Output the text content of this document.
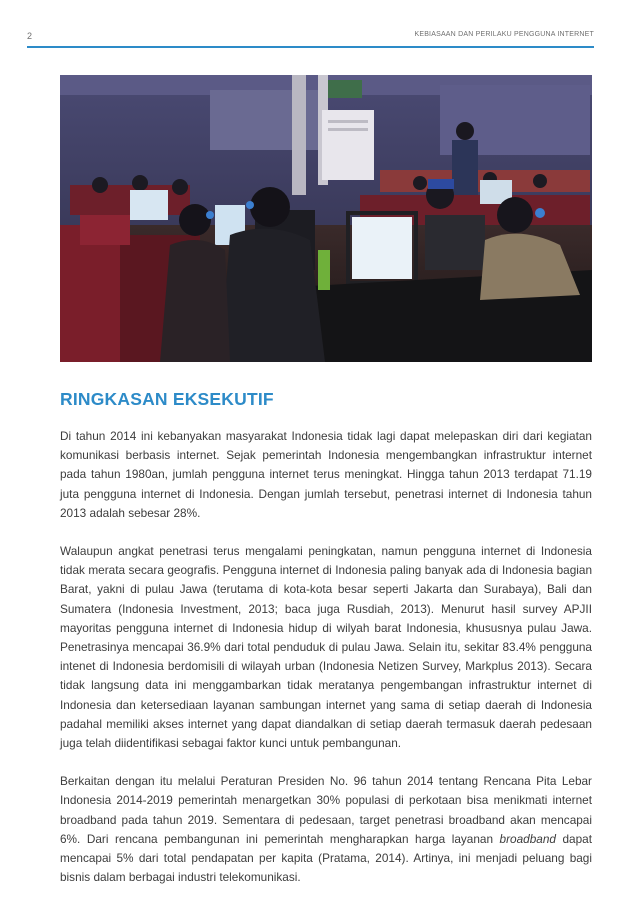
2	KEBIASAAN DAN PERILAKU PENGGUNA INTERNET
RINGKASAN EKSEKUTIF

Di tahun 2014 ini kebanyakan masyarakat Indonesia tidak lagi dapat melepaskan diri dari kegiatan komunikasi berbasis internet. Sejak pemerintah Indonesia mengembangkan infrastruktur internet pada tahun 1980an, jumlah pengguna internet terus meningkat. Hingga tahun 2013 terdapat 71.19 juta pengguna internet di Indonesia. Dengan jumlah tersebut, penetrasi internet di Indonesia tahun 2013 adalah sebesar 28%.

Walaupun angkat penetrasi terus mengalami peningkatan, namun pengguna internet di Indonesia tidak merata secara geografis. Pengguna internet di Indonesia paling banyak ada di Indonesia bagian Barat, yakni di pulau Jawa (terutama di kota-kota besar seperti Jakarta dan Surabaya), Bali dan Sumatera (Indonesia Investment, 2013; baca juga Rusdiah, 2013). Menurut hasil survey APJII mayoritas pengguna internet di Indonesia hidup di wilyah barat Indonesia, khususnya pulau Jawa. Penetrasinya mencapai 36.9% dari total penduduk di pulau Jawa. Selain itu, sekitar 83.4% pengguna intenet di Indonesia berdomisili di wilayah urban (Indonesia Netizen Survey, Markplus 2013). Secara tidak langsung data ini menggambarkan tidak meratanya pengembangan infrastruktur internet di Indonesia dan ketersediaan layanan sambungan internet yang sama di setiap daerah di Indonesia padahal memiliki akses internet yang dapat diandalkan di setiap daerah termasuk daerah pedesaan juga telah diidentifikasi sebagai faktor kunci untuk pembangunan.

Berkaitan dengan itu melalui Peraturan Presiden No. 96 tahun 2014 tentang Rencana Pita Lebar Indonesia 2014-2019 pemerintah menargetkan 30% populasi di perkotaan bisa menikmati internet broadband pada tahun 2019. Sementara di pedesaan, target penetrasi broadband akan mencapai 6%. Dari rencana pembangunan ini pemerintah mengharapkan harga layanan broadband dapat mencapai 5% dari total pendapatan per kapita (Pratama, 2014). Artinya, ini menjadi peluang bagi bisnis dalam berbagai industri telekomunikasi.
